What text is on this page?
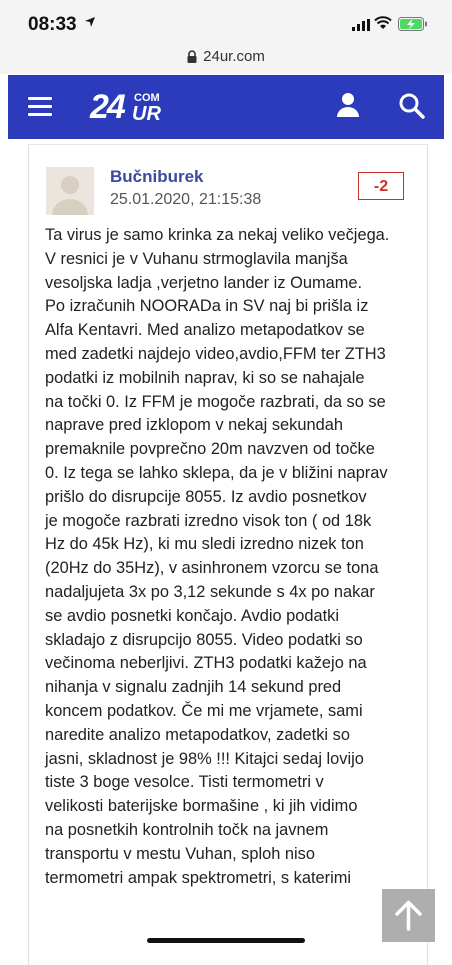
08:33
24ur.com
24 COM
UR
Bučniburek
25.01.2020, 21:15:38
-2

Ta virus je samo krinka za nekaj veliko večjega.

V resnici je v Vuhanu strmoglavila manjša

vesoljska ladja ,verjetno lander iz Oumame.

Po izračunih NOORADa in SV naj bi prišla iz

Alfa Kentavri. Med analizo metapodatkov se

med zadetki najdejo video,avdio,FFM ter ZTH3

podatki iz mobilnih naprav, ki so se nahajale

na točki 0. Iz FFM je mogoče razbrati, da so se

naprave pred izklopom v nekaj sekundah

premaknile povprečno 20m navzven od točke

0. Iz tega se lahko sklepa, da je v bližini naprav

prišlo do disrupcije 8055. Iz avdio posnetkov

je mogoče razbrati izredno visok ton ( od 18k

Hz do 45k Hz), ki mu sledi izredno nizek ton

(20Hz do 35Hz), v asinhronem vzorcu se tona

nadaljujeta 3x po 3,12 sekunde s 4x po nakar

se avdio posnetki končajo. Avdio podatki

skladajo z disrupcijo 8055. Video podatki so

večinoma neberljivi. ZTH3 podatki kažejo na

nihanja v signalu zadnjih 14 sekund pred

koncem podatkov. Če mi me vrjamete, sami

naredite analizo metapodatkov, zadetki so

jasni, skladnost je 98% !!! Kitajci sedaj lovijo

tiste 3 boge vesolce. Tisti termometri v

velikosti baterijske bormašine , ki jih vidimo

na posnetkih kontrolnih točk na javnem

transportu v mestu Vuhan, sploh niso

termometri ampak spektrometri, s katerimi
